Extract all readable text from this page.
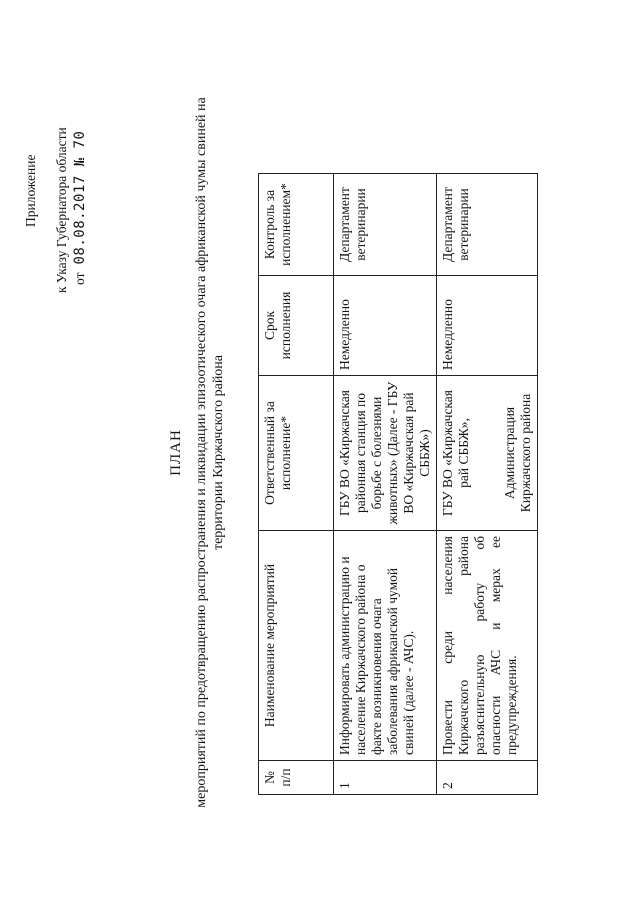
Приложение к Указу Губернатора области от08.08.2017 № 70
ПЛАН мероприятий по предотвращению распространения и ликвидации эпизоотического очага африканской чумы свиней на территории Киржачского района
№ п/п	Наименование мероприятий	Ответственный за исполнение*	Срок исполнения	Контроль за исполнением*
1	Информировать администрацию и население Киржачского района о факте возникновения очага заболевания африканской чумой свиней (далее - АЧС).	ГБУ ВО «Киржачская районная станция по борьбе с болезнями животных» (Далее - ГБУ ВО «Киржачская рай СББЖ»)	Немедленно	Департамент ветеринарии
2	Провести среди населения Киржачского района разъяснительную работу об опасности АЧС и мерах ее предупреждения.	ГБУ ВО «Киржачская рай СББЖ», Администрация Киржачского района	Немедленно	Департамент ветеринарии
